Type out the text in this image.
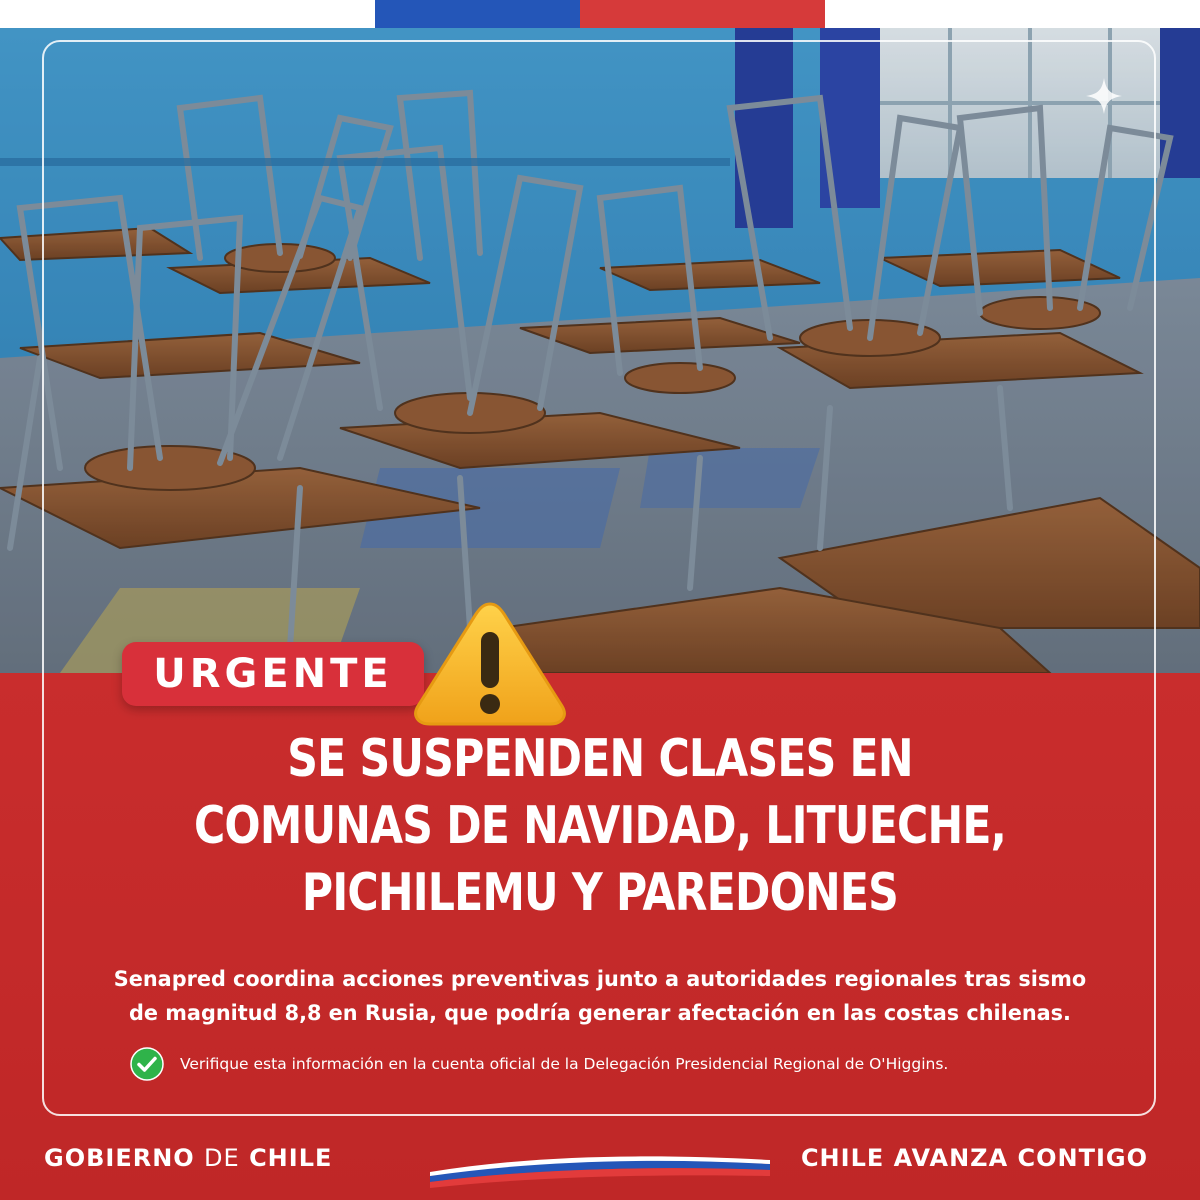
URGENTE
SE SUSPENDEN CLASES EN
COMUNAS DE NAVIDAD, LITUECHE,
PICHILEMU Y PAREDONES
Senapred coordina acciones preventivas junto a autoridades regionales tras sismo
de magnitud 8,8 en Rusia, que podría generar afectación en las costas chilenas.
Verifique esta información en la cuenta oficial de la Delegación Presidencial Regional de O'Higgins.
GOBIERNO DE CHILE	CHILE AVANZA CONTIGO
